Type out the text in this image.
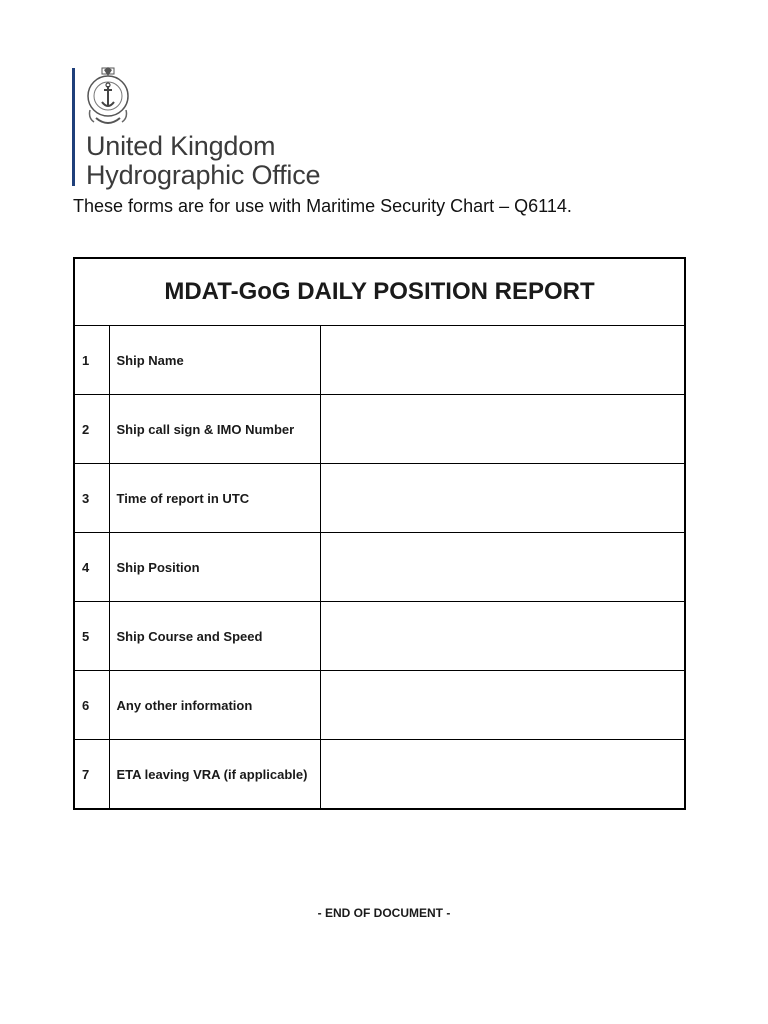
United Kingdom
Hydrographic Office
These forms are for use with Maritime Security Chart – Q6114.
MDAT-GoG DAILY POSITION REPORT		
1	Ship Name	
2	Ship call sign & IMO Number	
3	Time of report in UTC	
4	Ship Position	
5	Ship Course and Speed	
6	Any other information	
7	ETA leaving VRA (if applicable)	
- END OF DOCUMENT -
